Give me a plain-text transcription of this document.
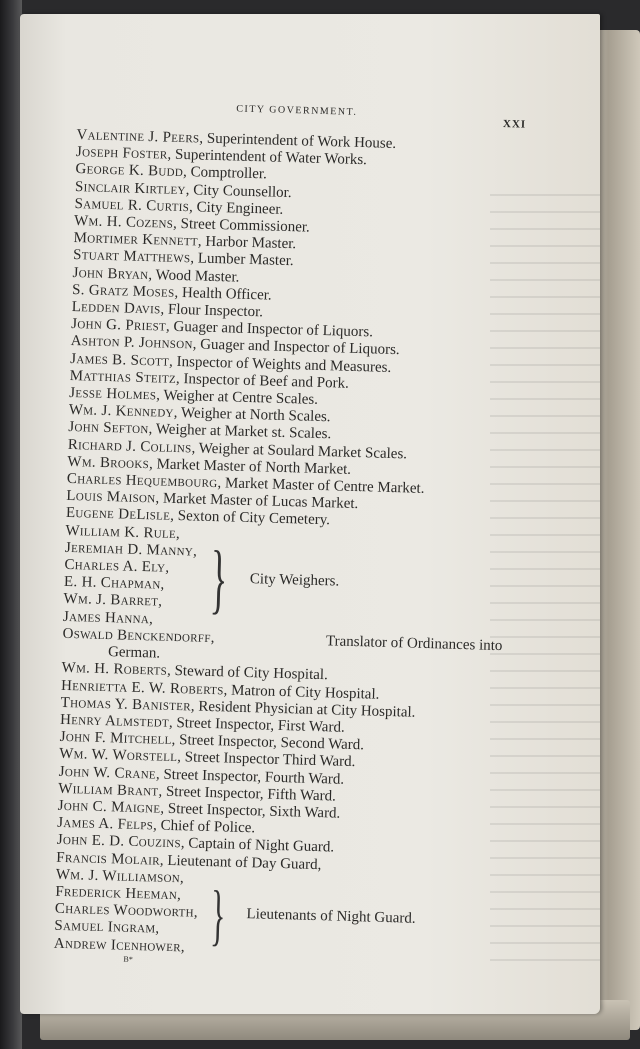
CITY GOVERNMENT.
XXI
Valentine J. Peers, Superintendent of Work House.
Joseph Foster, Superintendent of Water Works.
George K. Budd, Comptroller.
Sinclair Kirtley, City Counsellor.
Samuel R. Curtis, City Engineer.
Wm. H. Cozens, Street Commissioner.
Mortimer Kennett, Harbor Master.
Stuart Matthews, Lumber Master.
John Bryan, Wood Master.
S. Gratz Moses, Health Officer.
Ledden Davis, Flour Inspector.
John G. Priest, Guager and Inspector of Liquors.
Ashton P. Johnson, Guager and Inspector of Liquors.
James B. Scott, Inspector of Weights and Measures.
Matthias Steitz, Inspector of Beef and Pork.
Jesse Holmes, Weigher at Centre Scales.
Wm. J. Kennedy, Weigher at North Scales.
John Sefton, Weigher at Market st. Scales.
Richard J. Collins, Weigher at Soulard Market Scales.
Wm. Brooks, Market Master of North Market.
Charles Hequembourg, Market Master of Centre Market.
Louis Maison, Market Master of Lucas Market.
Eugene DeLisle, Sexton of City Cemetery.
William K. Rule,
Jeremiah D. Manny,
Charles A. Ely,
E. H. Chapman,
Wm. J. Barret,
James Hanna, } City Weighers.
Oswald Benckendorff,	Translator of Ordinances into
German.
Wm. H. Roberts, Steward of City Hospital.
Henrietta E. W. Roberts, Matron of City Hospital.
Thomas Y. Banister, Resident Physician at City Hospital.
Henry Almstedt, Street Inspector, First Ward.
John F. Mitchell, Street Inspector, Second Ward.
Wm. W. Worstell, Street Inspector Third Ward.
John W. Crane, Street Inspector, Fourth Ward.
William Brant, Street Inspector, Fifth Ward.
John C. Maigne, Street Inspector, Sixth Ward.
James A. Felps, Chief of Police.
John E. D. Couzins, Captain of Night Guard.
Francis Molair, Lieutenant of Day Guard,
Wm. J. Williamson,
Frederick Heeman,
Charles Woodworth,
Samuel Ingram,
Andrew Icenhower, } Lieutenants of Night Guard.
B*
